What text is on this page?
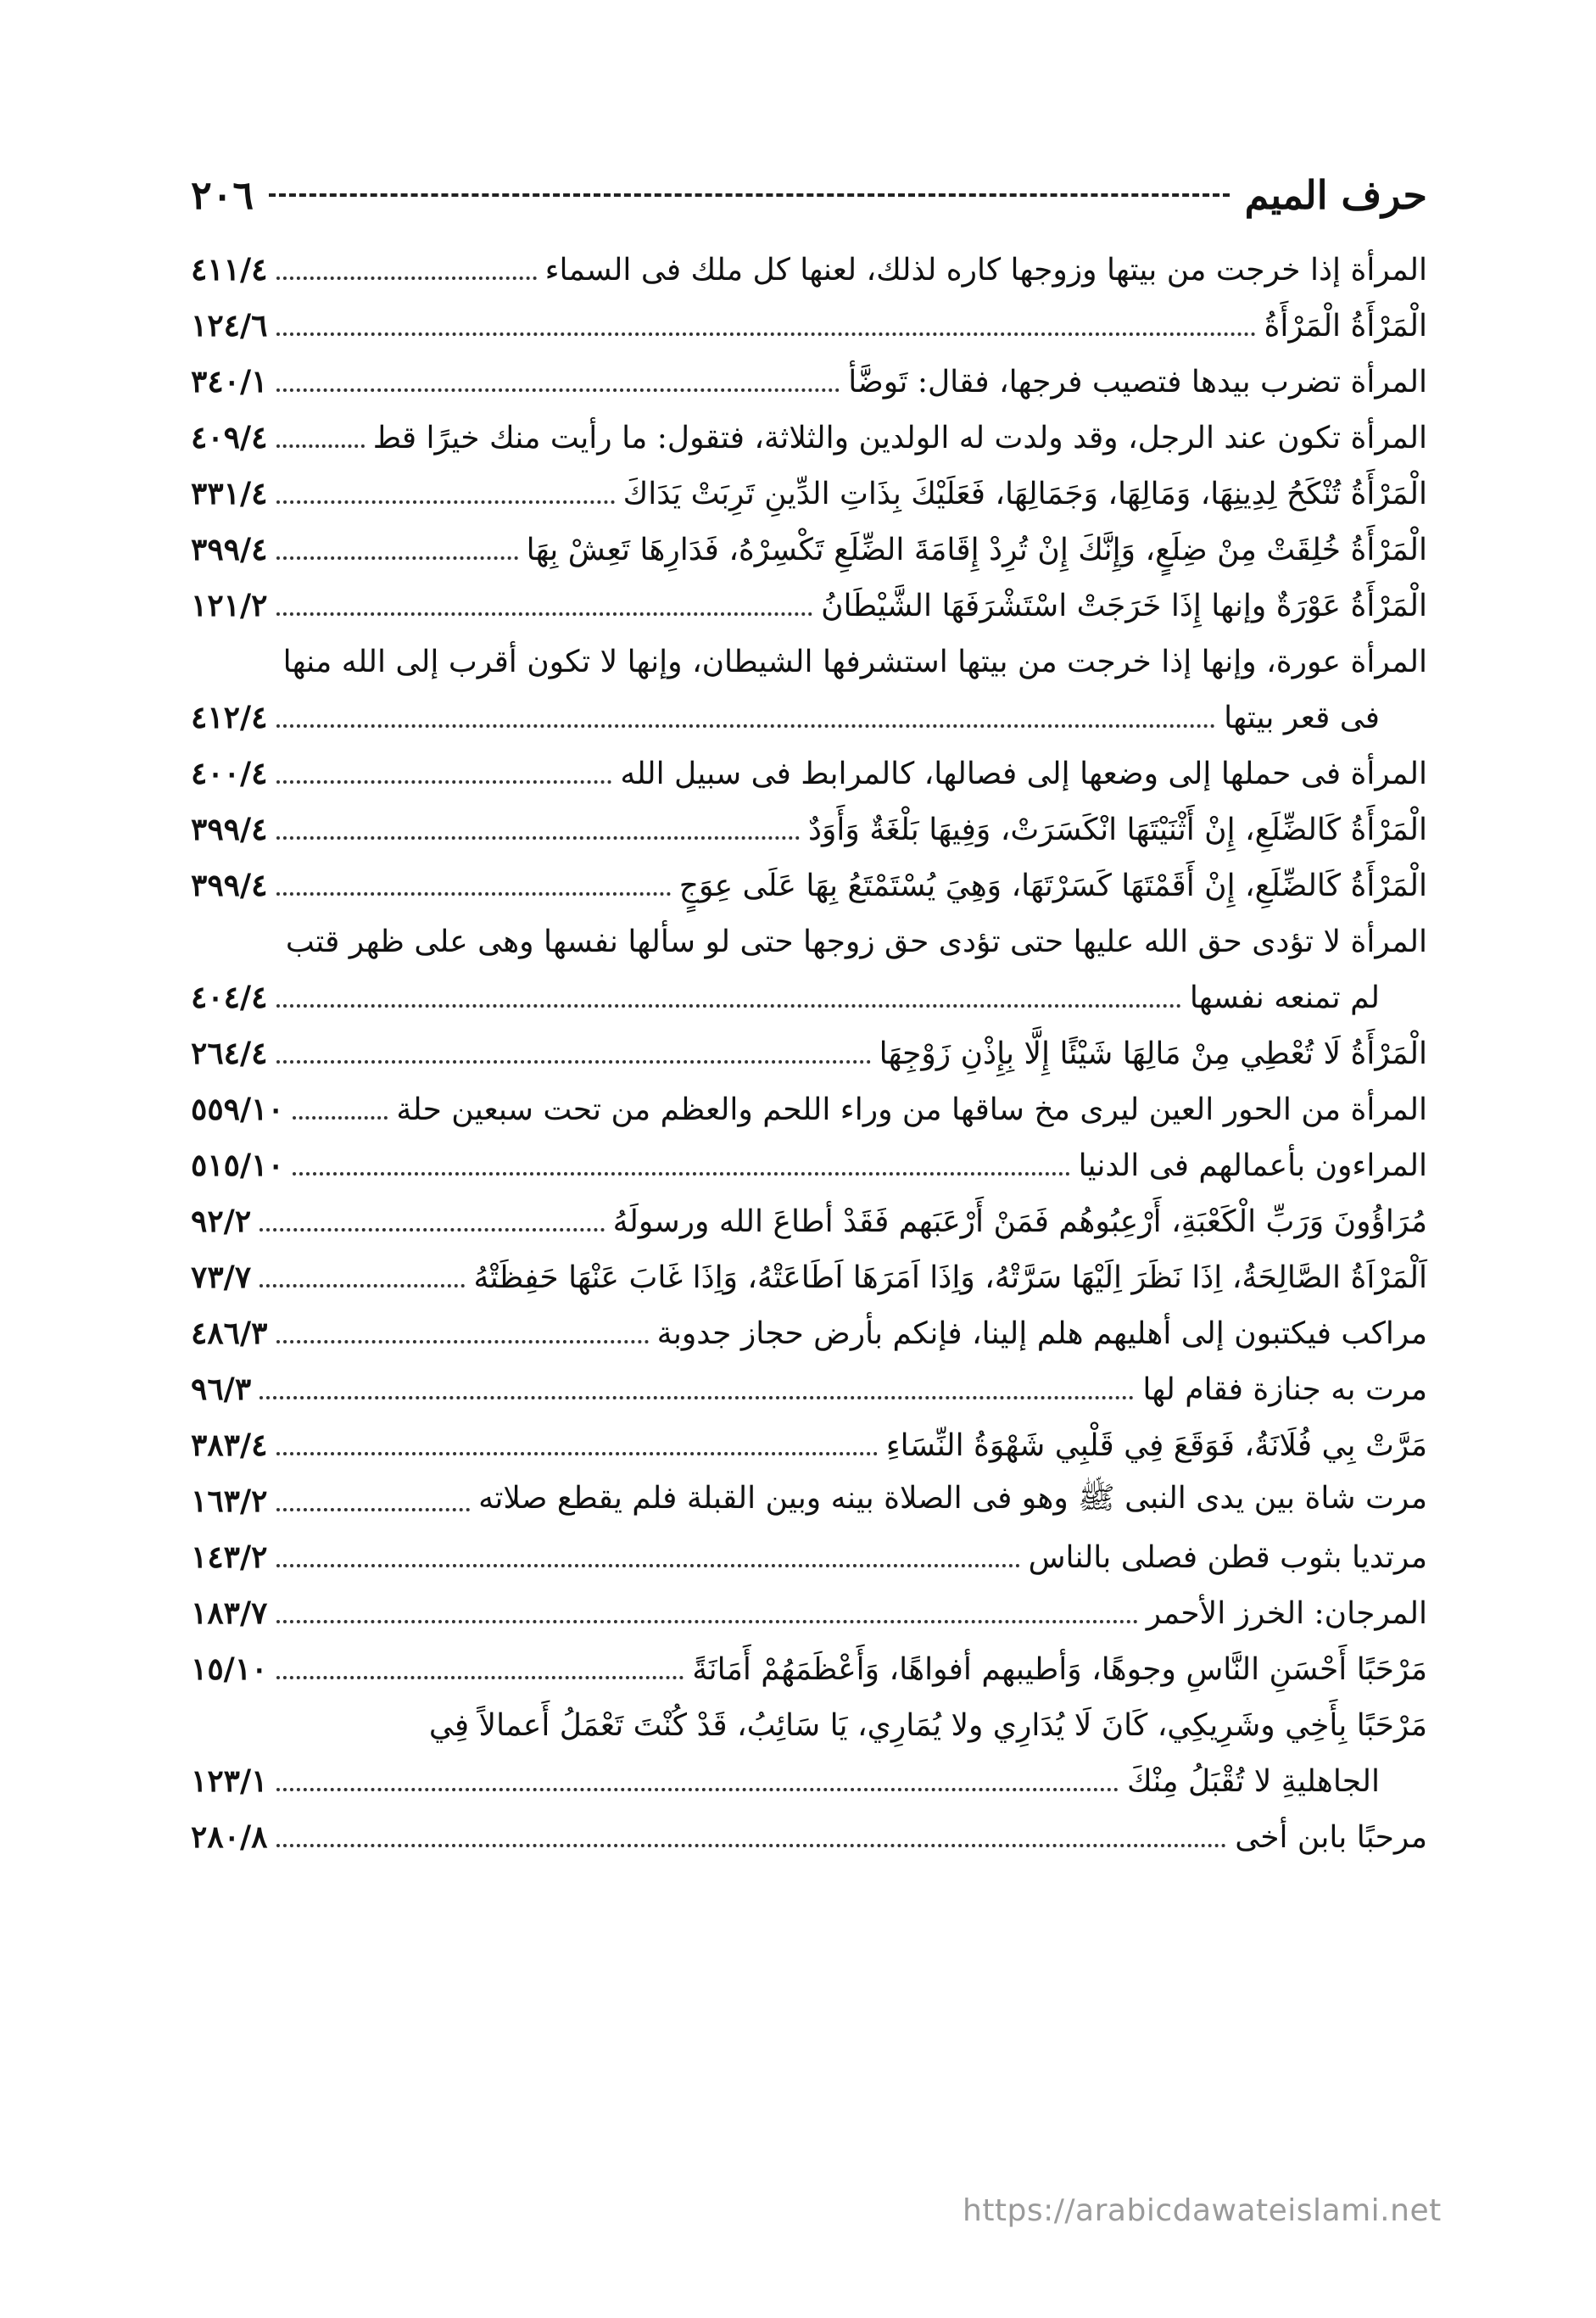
حرف الميم
٢٠٦
المرأة إذا خرجت من بيتها وزوجها كاره لذلك، لعنها كل ملك فى السماء
٤١١/٤
الْمَرْأَةُ الْمَرْأَةُ
١٢٤/٦
المرأة تضرب بيدها فتصيب فرجها، فقال: تَوضَّأ
٣٤٠/١
المرأة تكون عند الرجل، وقد ولدت له الولدين والثلاثة، فتقول: ما رأيت منك خيرًا قط
٤٠٩/٤
الْمَرْأَةُ تُنْكَحُ لِدِينِهَا، وَمَالِهَا، وَجَمَالِهَا، فَعَلَيْكَ بِذَاتِ الدِّينِ تَرِبَتْ يَدَاكَ
٣٣١/٤
الْمَرْأَةُ خُلِقَتْ مِنْ ضِلَعٍ، وَإِنَّكَ إِنْ تُرِدْ إِقَامَةَ الضِّلَعِ تَكْسِرْهُ، فَدَارِهَا تَعِشْ بِهَا
٣٩٩/٤
الْمَرْأَةُ عَوْرَةٌ وإنها إِذَا خَرَجَتْ اسْتَشْرَفَهَا الشَّيْطَانُ
١٢١/٢
المرأة عورة، وإنها إذا خرجت من بيتها استشرفها الشيطان، وإنها لا تكون أقرب إلى الله منها
فى قعر بيتها
٤١٢/٤
المرأة فى حملها إلى وضعها إلى فصالها، كالمرابط فى سبيل الله
٤٠٠/٤
الْمَرْأَةُ كَالضِّلَعِ، إِنْ أَثْنَيْتَهَا انْكَسَرَتْ، وَفِيهَا بَلْغَةٌ وَأَوَدٌ
٣٩٩/٤
الْمَرْأَةُ كَالضِّلَعِ، إِنْ أَقَمْتَهَا كَسَرْتَهَا، وَهِيَ يُسْتَمْتَعُ بِهَا عَلَى عِوَجٍ
٣٩٩/٤
المرأة لا تؤدى حق الله عليها حتى تؤدى حق زوجها حتى لو سألها نفسها وهى على ظهر قتب
لم تمنعه نفسها
٤٠٤/٤
الْمَرْأَةُ لَا تُعْطِي مِنْ مَالِهَا شَيْئًا إِلَّا بِإِذْنِ زَوْجِهَا
٢٦٤/٤
المرأة من الحور العين ليرى مخ ساقها من وراء اللحم والعظم من تحت سبعين حلة
٥٥٩/١٠
المراءون بأعمالهم فى الدنيا
٥١٥/١٠
مُرَاؤُونَ وَرَبِّ الْكَعْبَةِ، أَرْعِبُوهُم فَمَنْ أَرْعَبَهم فَقَدْ أطاعَ الله ورسولَهُ
٩٢/٢
اَلْمَرْاَةُ الصَّالِحَةُ، اِذَا نَظَرَ اِلَيْهَا سَرَّتْهُ، وَاِذَا اَمَرَهَا اَطَاعَتْهُ، وَاِذَا غَابَ عَنْهَا حَفِظَتْهُ
٧٣/٧
مراكب فيكتبون إلى أهليهم هلم إلينا، فإنكم بأرض حجاز جدوبة
٤٨٦/٣
مرت به جنازة فقام لها
٩٦/٣
مَرَّتْ بِي فُلَانَةُ، فَوَقَعَ فِي قَلْبِي شَهْوَةُ النِّسَاءِ
٣٨٣/٤
مرت شاة بين يدى النبى ﷺ وهو فى الصلاة بينه وبين القبلة فلم يقطع صلاته
١٦٣/٢
مرتديا بثوب قطن فصلى بالناس
١٤٣/٢
المرجان: الخرز الأحمر
١٨٣/٧
مَرْحَبًا أَحْسَنِ النَّاسِ وجوهًا، وَأطيبهم أفواهًا، وَأَعْظَمَهُمْ أَمَانَةً
١٥/١٠
مَرْحَبًا بِأَخِي وشَرِيكِي، كَانَ لَا يُدَارِي ولا يُمَارِي، يَا سَائِبُ، قَدْ كُنْتَ تَعْمَلُ أَعمالاً فِي
الجاهليةِ لا تُقْبَلُ مِنْكَ
١٢٣/١
مرحبًا بابن أخى
٢٨٠/٨
https://arabicdawateislami.net
